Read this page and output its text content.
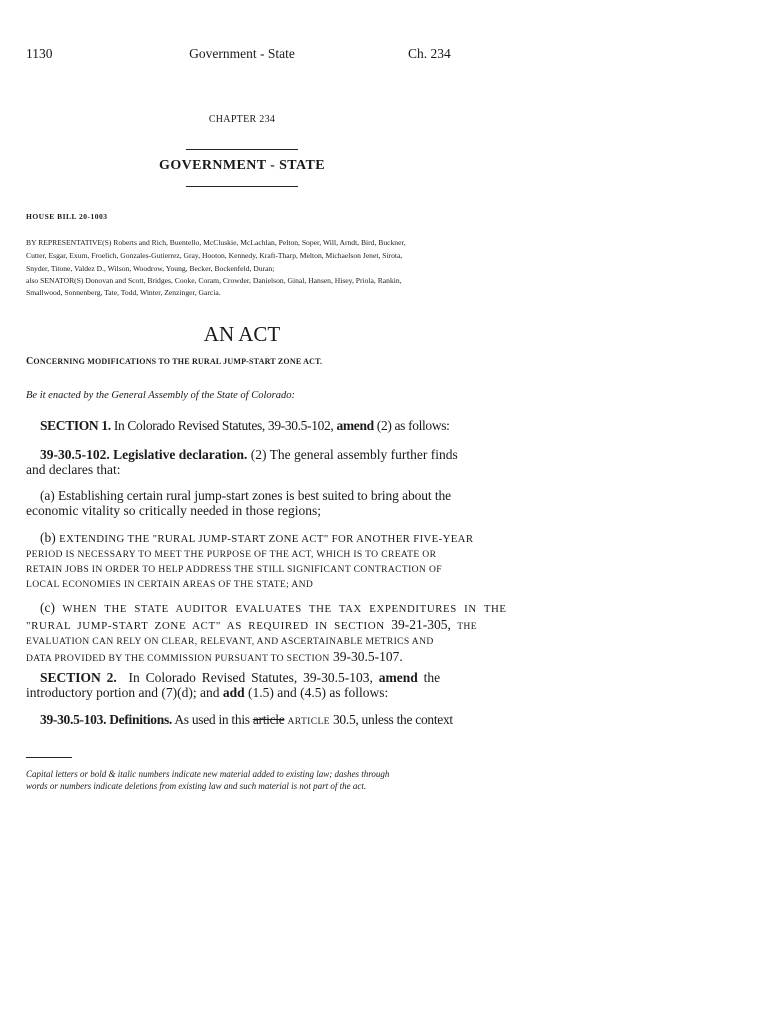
1130	Government - State	Ch. 234
CHAPTER 234
GOVERNMENT - STATE
HOUSE BILL 20-1003
BY REPRESENTATIVE(S) Roberts and Rich, Buentello, McCluskie, McLachlan, Pelton, Soper, Will, Arndt, Bird, Buckner,
Cutter, Esgar, Exum, Froelich, Gonzales-Gutierrez, Gray, Hooton, Kennedy, Kraft-Tharp, Melton, Michaelson Jenet, Sirota,
Snyder, Titone, Valdez D., Wilson, Woodrow, Young, Becker, Bockenfeld, Duran;
also SENATOR(S) Donovan and Scott, Bridges, Cooke, Coram, Crowder, Danielson, Ginal, Hansen, Hisey, Priola, Rankin,
Smallwood, Sonnenberg, Tate, Todd, Winter, Zenzinger, Garcia.
AN ACT
CONCERNING MODIFICATIONS TO THE RURAL JUMP-START ZONE ACT.
Be it enacted by the General Assembly of the State of Colorado:
SECTION 1. In Colorado Revised Statutes, 39-30.5-102, amend (2) as follows:
39-30.5-102. Legislative declaration. (2) The general assembly further finds
and declares that:
(a) Establishing certain rural jump-start zones is best suited to bring about the
economic vitality so critically needed in those regions;
(b) EXTENDING THE "RURAL JUMP-START ZONE ACT" FOR ANOTHER FIVE-YEAR
PERIOD IS NECESSARY TO MEET THE PURPOSE OF THE ACT, WHICH IS TO CREATE OR
RETAIN JOBS IN ORDER TO HELP ADDRESS THE STILL SIGNIFICANT CONTRACTION OF
LOCAL ECONOMIES IN CERTAIN AREAS OF THE STATE; AND
(c) WHEN THE STATE AUDITOR EVALUATES THE TAX EXPENDITURES IN THE
"RURAL JUMP-START ZONE ACT" AS REQUIRED IN SECTION 39-21-305, THE
EVALUATION CAN RELY ON CLEAR, RELEVANT, AND ASCERTAINABLE METRICS AND
DATA PROVIDED BY THE COMMISSION PURSUANT TO SECTION 39-30.5-107.
SECTION 2. In Colorado Revised Statutes, 39-30.5-103, amend the
introductory portion and (7)(d); and add (1.5) and (4.5) as follows:
39-30.5-103. Definitions. As used in this article ARTICLE 30.5, unless the context
Capital letters or bold & italic numbers indicate new material added to existing law; dashes through
words or numbers indicate deletions from existing law and such material is not part of the act.
